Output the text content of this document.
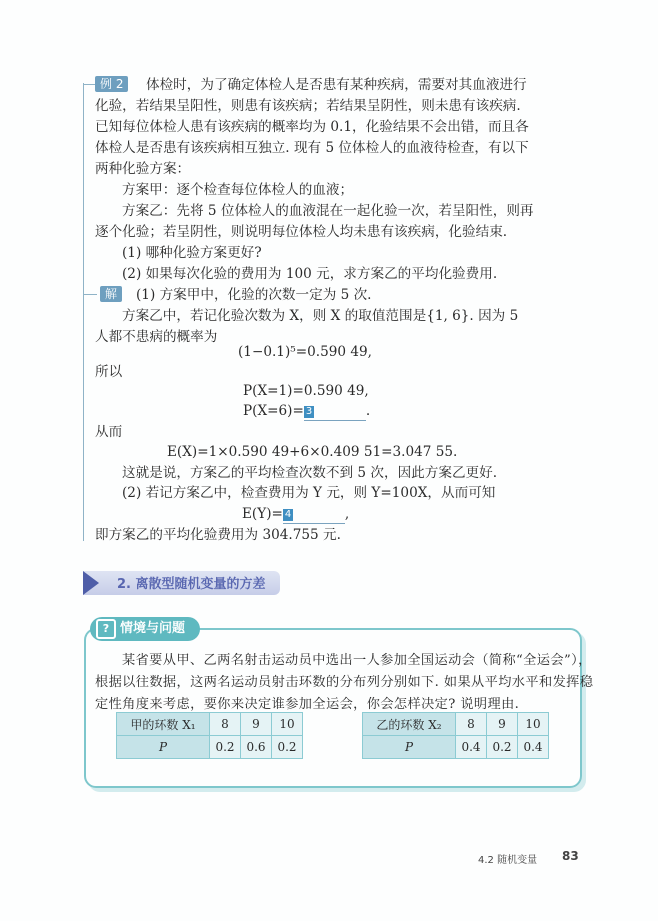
例 2	体检时，为了确定体检人是否患有某种疾病，需要对其血液进行
化验，若结果呈阳性，则患有该疾病；若结果呈阴性，则未患有该疾病.
已知每位体检人患有该疾病的概率均为 0.1，化验结果不会出错，而且各
体检人是否患有该疾病相互独立. 现有 5 位体检人的血液待检查，有以下
两种化验方案：
方案甲：逐个检查每位体检人的血液；
方案乙：先将 5 位体检人的血液混在一起化验一次，若呈阳性，则再
逐个化验；若呈阴性，则说明每位体检人均未患有该疾病，化验结束.
(1) 哪种化验方案更好?
(2) 如果每次化验的费用为 100 元，求方案乙的平均化验费用.
解	(1) 方案甲中，化验的次数一定为 5 次.
方案乙中，若记化验次数为 X，则 X 的取值范围是{1, 6}. 因为 5
人都不患病的概率为
(1−0.1)⁵=0.590 49,
所以
P(X=1)=0.590 49,
P(X=6)= 3	.
从而
E(X)=1×0.590 49+6×0.409 51=3.047 55.
这就是说，方案乙的平均检查次数不到 5 次，因此方案乙更好.
(2) 若记方案乙中，检查费用为 Y 元，则 Y=100X，从而可知
E(Y)= 4	,
即方案乙的平均化验费用为 304.755 元.
2. 离散型随机变量的方差
? 情境与问题
某省要从甲、乙两名射击运动员中选出一人参加全国运动会（简称“全运会”），
根据以往数据，这两名运动员射击环数的分布列分别如下. 如果从平均水平和发挥稳
定性角度来考虑，要你来决定谁参加全运会，你会怎样决定? 说明理由.
甲的环数 X₁	8	9	10
P	0.2	0.6	0.2
乙的环数 X₂	8	9	10
P	0.4	0.2	0.4
4.2 随机变量 83
